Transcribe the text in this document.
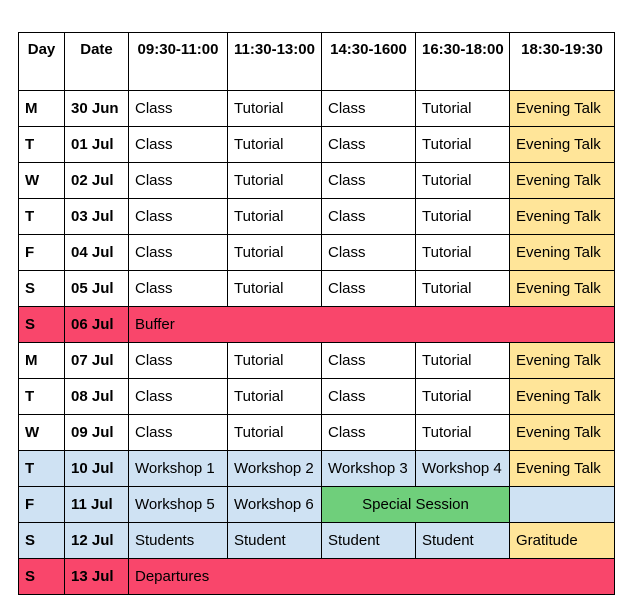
Day	Date	09:30-11:00	11:30-13:00	14:30-1600	16:30-18:00	18:30-19:30
M	30 Jun	Class	Tutorial	Class	Tutorial	Evening Talk
T	01 Jul	Class	Tutorial	Class	Tutorial	Evening Talk
W	02 Jul	Class	Tutorial	Class	Tutorial	Evening Talk
T	03 Jul	Class	Tutorial	Class	Tutorial	Evening Talk
F	04 Jul	Class	Tutorial	Class	Tutorial	Evening Talk
S	05 Jul	Class	Tutorial	Class	Tutorial	Evening Talk
S	06 Jul	Buffer				
M	07 Jul	Class	Tutorial	Class	Tutorial	Evening Talk
T	08 Jul	Class	Tutorial	Class	Tutorial	Evening Talk
W	09 Jul	Class	Tutorial	Class	Tutorial	Evening Talk
T	10 Jul	Workshop 1	Workshop 2	Workshop 3	Workshop 4	Evening Talk
F	11 Jul	Workshop 5	Workshop 6	Special Session		
S	12 Jul	Students	Student	Student	Student	Gratitude
S	13 Jul	Departures				
